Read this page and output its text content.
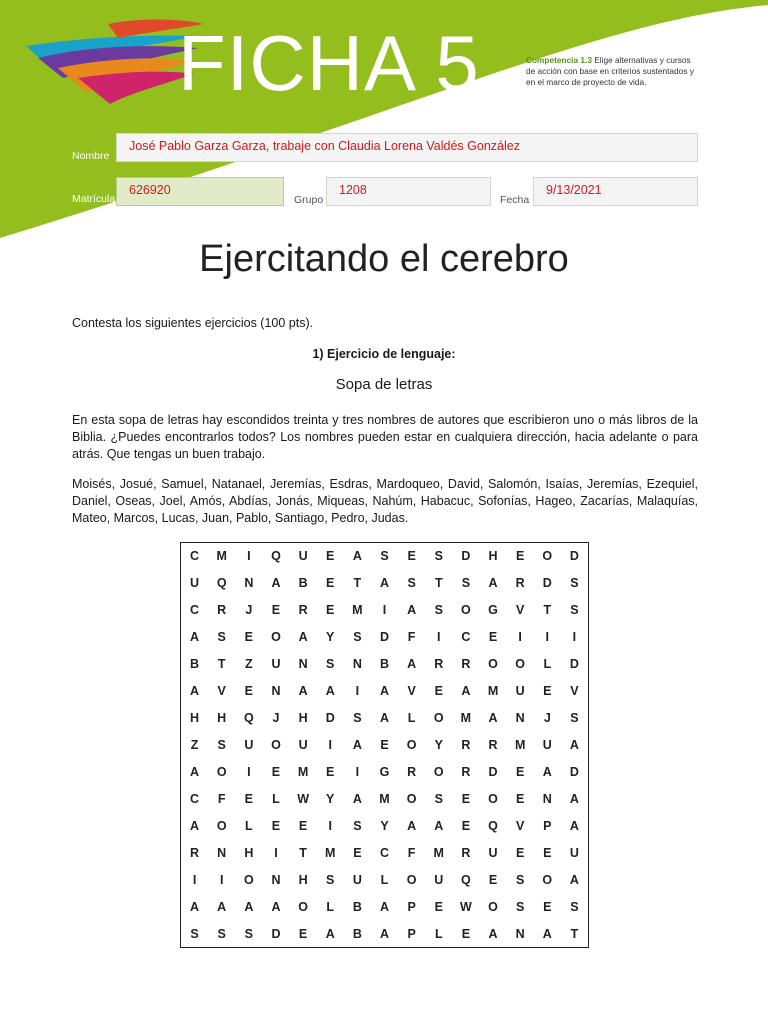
FICHA 5	Competencia 1.3 Elige alternativas y cursos de acción con base en criterios sustentados y en el marco de proyecto de vida.
Nombre
José Pablo Garza Garza, trabaje con Claudia Lorena Valdés González
Matrícula
626920
Grupo
1208
Fecha
9/13/2021
Ejercitando el cerebro
Contesta los siguientes ejercicios (100 pts).
1) Ejercicio de lenguaje:
Sopa de letras
En esta sopa de letras hay escondidos treinta y tres nombres de autores que escribieron uno o más libros de la Biblia. ¿Puedes encontrarlos todos? Los nombres pueden estar en cualquiera dirección, hacia adelante o para atrás. Que tengas un buen trabajo.
Moisés, Josué, Samuel, Natanael, Jeremías, Esdras, Mardoqueo, David, Salomón, Isaías, Jeremías, Ezequiel, Daniel, Oseas, Joel, Amós, Abdías, Jonás, Miqueas, Nahúm, Habacuc, Sofonías, Hageo, Zacarías, Malaquías, Mateo, Marcos, Lucas, Juan, Pablo, Santiago, Pedro, Judas.
C	M	I	Q	U	E	A	S	E	S	D	H	E	O	D
U	Q	N	A	B	E	T	A	S	T	S	A	R	D	S
C	R	J	E	R	E	M	I	A	S	O	G	V	T	S
A	S	E	O	A	Y	S	D	F	I	C	E	I	I	I
B	T	Z	U	N	S	N	B	A	R	R	O	O	L	D
A	V	E	N	A	A	I	A	V	E	A	M	U	E	V
H	H	Q	J	H	D	S	A	L	O	M	A	N	J	S
Z	S	U	O	U	I	A	E	O	Y	R	R	M	U	A
A	O	I	E	M	E	I	G	R	O	R	D	E	A	D
C	F	E	L	W	Y	A	M	O	S	E	O	E	N	A
A	O	L	E	E	I	S	Y	A	A	E	Q	V	P	A
R	N	H	I	T	M	E	C	F	M	R	U	E	E	U
I	I	O	N	H	S	U	L	O	U	Q	E	S	O	A
A	A	A	A	O	L	B	A	P	E	W	O	S	E	S
S	S	S	D	E	A	B	A	P	L	E	A	N	A	T
